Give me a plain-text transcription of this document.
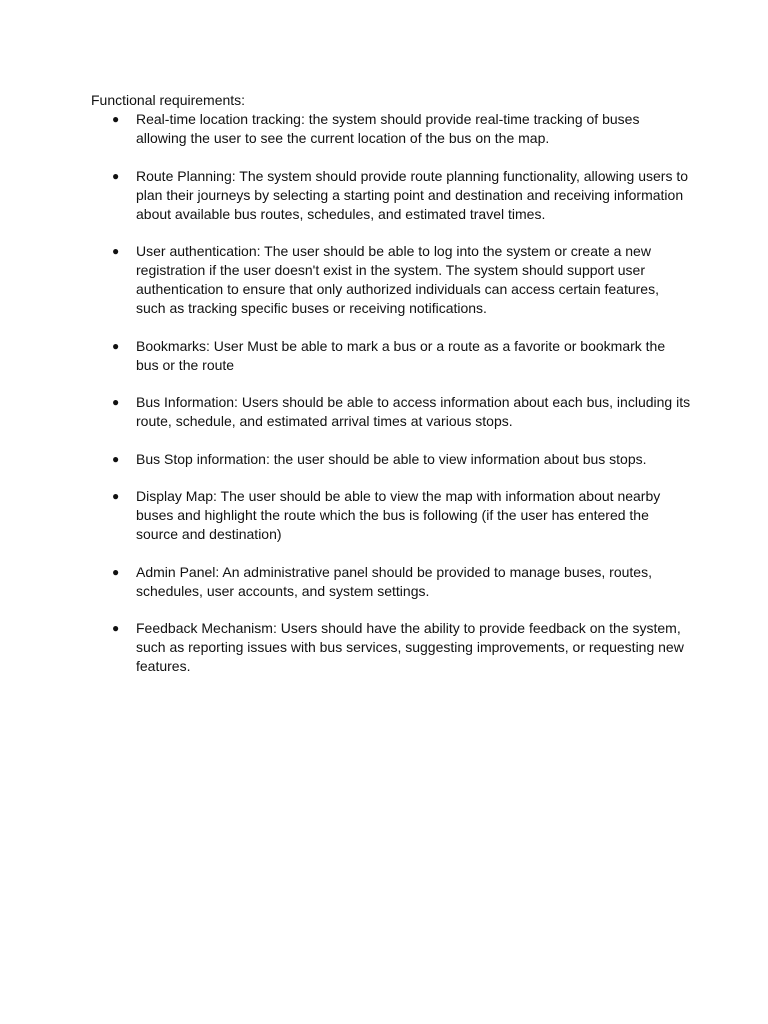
Functional requirements:

● Real-time location tracking: the system should provide real-time tracking of buses allowing the user to see the current location of the bus on the map.
● Route Planning: The system should provide route planning functionality, allowing users to plan their journeys by selecting a starting point and destination and receiving information about available bus routes, schedules, and estimated travel times.
● User authentication: The user should be able to log into the system or create a new registration if the user doesn't exist in the system. The system should support user authentication to ensure that only authorized individuals can access certain features, such as tracking specific buses or receiving notifications.
● Bookmarks: User Must be able to mark a bus or a route as a favorite or bookmark the bus or the route
● Bus Information: Users should be able to access information about each bus, including its route, schedule, and estimated arrival times at various stops.
● Bus Stop information: the user should be able to view information about bus stops.
● Display Map: The user should be able to view the map with information about nearby buses and highlight the route which the bus is following (if the user has entered the source and destination)
● Admin Panel: An administrative panel should be provided to manage buses, routes, schedules, user accounts, and system settings.
● Feedback Mechanism: Users should have the ability to provide feedback on the system, such as reporting issues with bus services, suggesting improvements, or requesting new features.
